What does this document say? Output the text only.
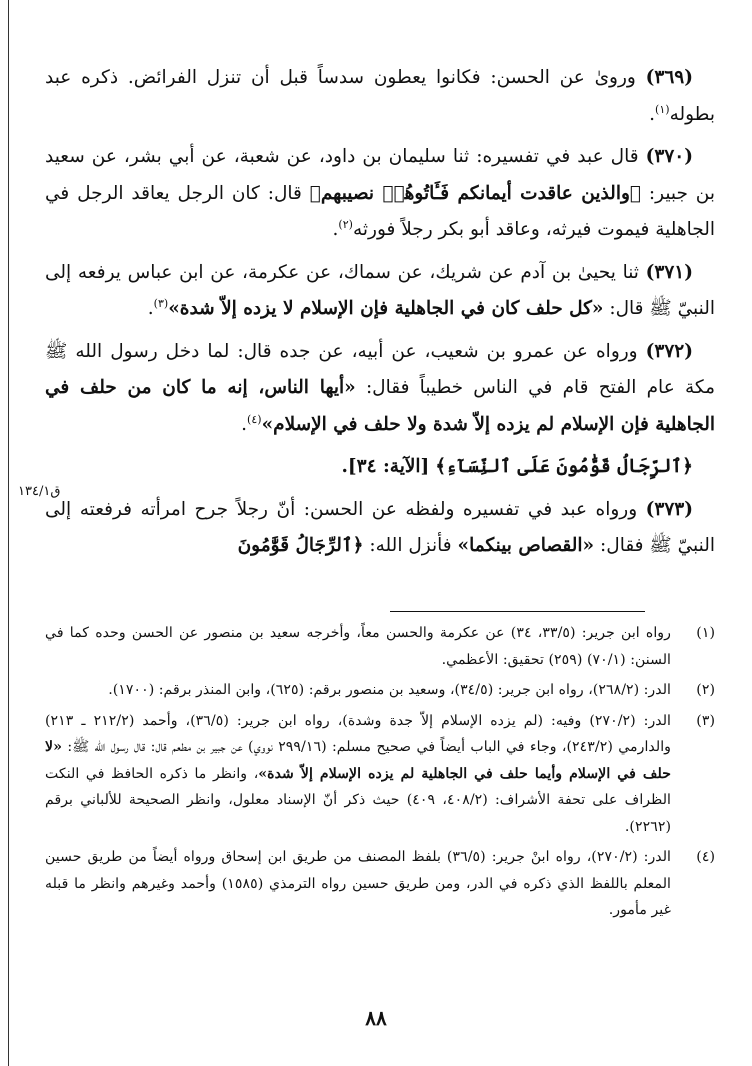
(٣٦٩) ورویٰ عن الحسن: فكانوا يعطون سدساً قبل أن تنزل الفرائض. ذكره عبد بطوله$^{(١)}$.

(٣٧٠) قال عبد في تفسيره: ثنا سليمان بن داود، عن شعبة، عن أبي بشر، عن سعيد بن جبير: ﴿والذين عاقدت أيمانكم فَـَٔاتُوهُمۡ نصيبهم﴾ قال: كان الرجل يعاقد الرجل في الجاهلية فيموت فيرثه، وعاقد أبو بكر رجلاً فورثه$^{(٢)}$.

(٣٧١) ثنا يحيىٰ بن آدم عن شريك، عن سماك، عن عكرمة، عن ابن عباس يرفعه إلى النبيّ ﷺ قال: «كل حلف كان في الجاهلية فإن الإسلام لا يزده إلاّ شدة»$^{(٣)}$.

(٣٧٢) ورواه عن عمرو بن شعيب، عن أبيه، عن جده قال: لما دخل رسول الله ﷺ مكة عام الفتح قام في الناس خطيباً فقال: «أيها الناس، إنه ما كان من حلف في الجاهلية فإن الإسلام لم يزده إلاّ شدة ولا حلف في الإسلام»$^{(٤)}$.

﴿ٱلرِّجَالُ قَوَّٰمُونَ عَلَى ٱلنِّسَآءِ﴾ [الآية: ٣٤].

(٣٧٣) ورواه عبد في تفسيره ولفظه عن الحسن: أنّ رجلاً جرح امرأته فرفعته إلى النبيّ ﷺ فقال: «القصاص بينكما» فأنزل الله: ﴿ٱلرِّجَالُ قَوَّٰمُونَ

ق١٣٤/١
(١)
رواه ابن جرير: (٣٣/٥، ٣٤) عن عكرمة والحسن معاً، وأخرجه سعيد بن منصور عن الحسن وحده كما في السنن: (٧٠/١) (٢٥٩) تحقيق: الأعظمي.
(٢)
الدر: (٢٦٨/٢)، رواه ابن جرير: (٣٤/٥)، وسعيد بن منصور برقم: (٦٢٥)، وابن المنذر برقم: (١٧٠٠).
(٣)
الدر: (٢٧٠/٢) وفيه: (لم يزده الإسلام إلاّ جدة وشدة)، رواه ابن جرير: (٣٦/٥)، وأحمد (٢١٢/٢ ـ ٢١٣) والدارمي (٢٤٣/٢)، وجاء في الباب أيضاً في صحيح مسلم: (٢٩٩/١٦ نووي) عن جبير بن مطعم قال: قال رسول الله ﷺ: «لا حلف في الإسلام وأيما حلف في الجاهلية لم يزده الإسلام إلاّ شدة»، وانظر ما ذكره الحافظ في النكت الظراف على تحفة الأشراف: (٤٠٨/٢، ٤٠٩) حيث ذكر أنّ الإسناد معلول، وانظر الصحيحة للألباني برقم (٢٢٦٢).
(٤)
الدر: (٢٧٠/٢)، رواه ابنْ جرير: (٣٦/٥) بلفظ المصنف من طريق ابن إسحاق ورواه أيضاً من طريق حسين المعلم باللفظ الذي ذكره في الدر، ومن طريق حسين رواه الترمذي (١٥٨٥) وأحمد وغيرهم وانظر ما قبله غير مأمور.
٨٨
